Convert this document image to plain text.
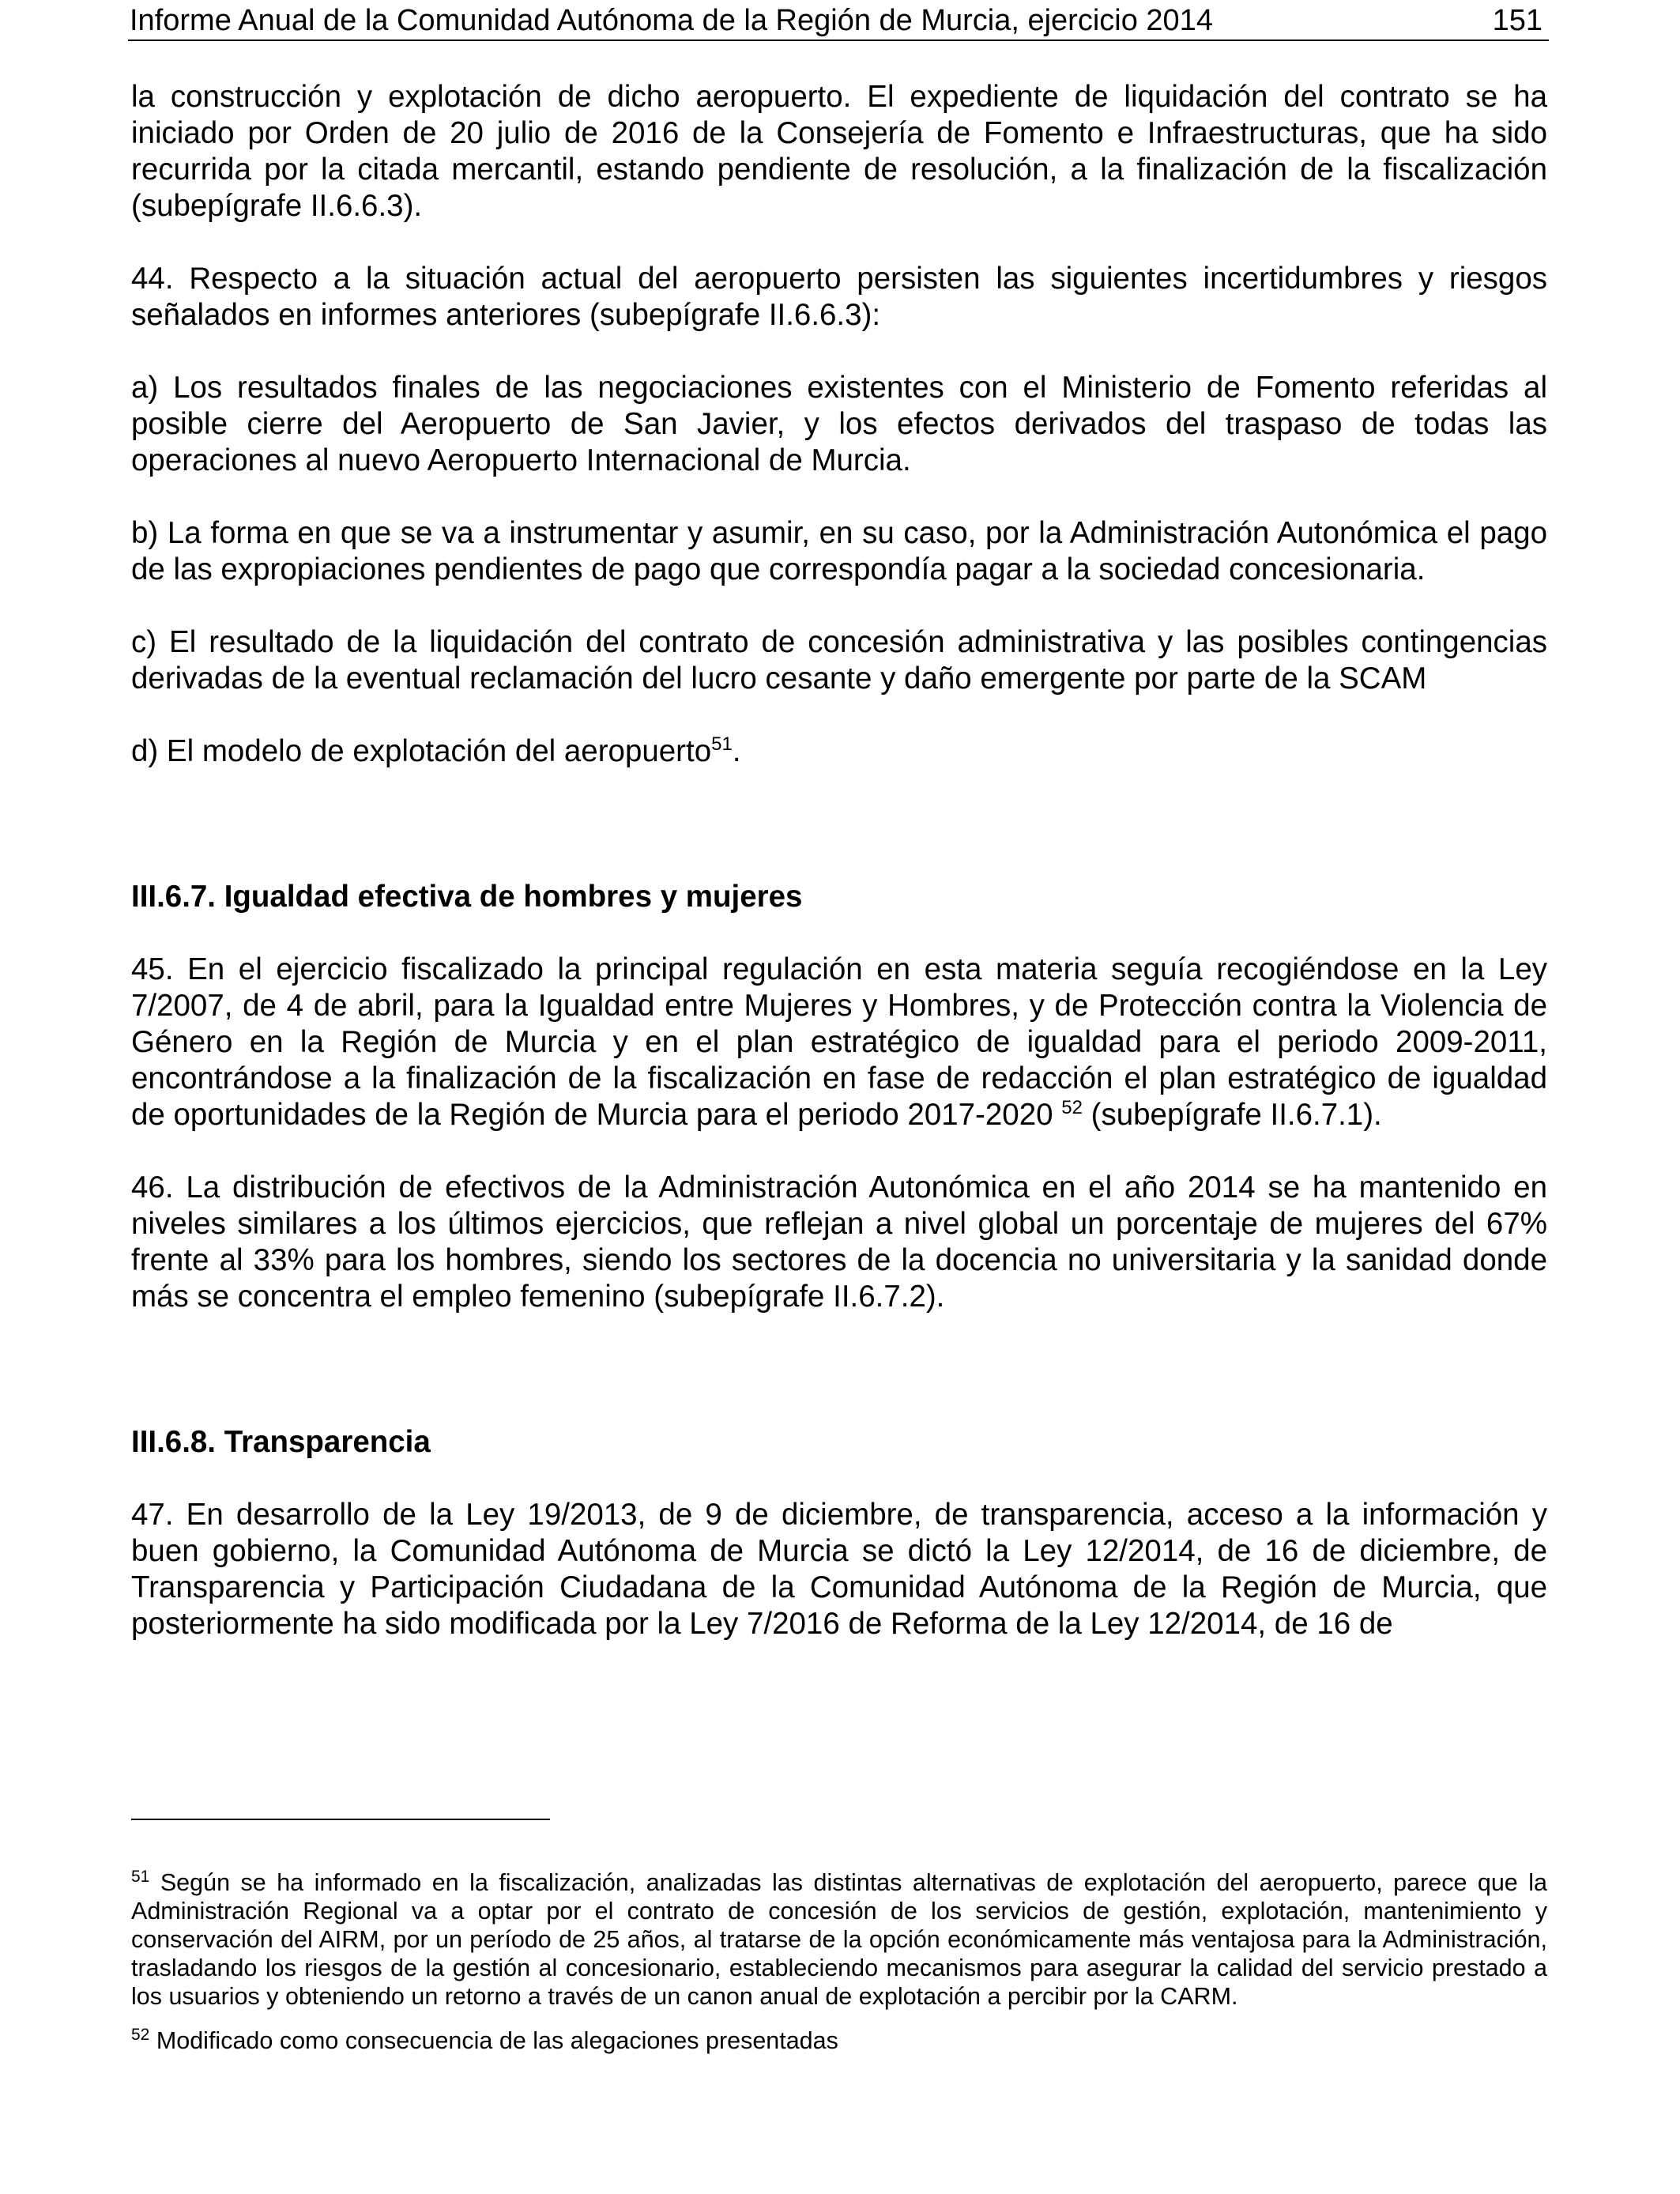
Informe Anual de la Comunidad Autónoma de la Región de Murcia, ejercicio 2014	151

la construcción y explotación de dicho aeropuerto. El expediente de liquidación del contrato se ha iniciado por Orden de 20 julio de 2016 de la Consejería de Fomento e Infraestructuras, que ha sido recurrida por la citada mercantil, estando pendiente de resolución, a la finalización de la fiscalización (subepígrafe II.6.6.3).

44. Respecto a la situación actual del aeropuerto persisten las siguientes incertidumbres y riesgos señalados en informes anteriores (subepígrafe II.6.6.3):

a) Los resultados finales de las negociaciones existentes con el Ministerio de Fomento referidas al posible cierre del Aeropuerto de San Javier, y los efectos derivados del traspaso de todas las operaciones al nuevo Aeropuerto Internacional de Murcia.

b) La forma en que se va a instrumentar y asumir, en su caso, por la Administración Autonómica el pago de las expropiaciones pendientes de pago que correspondía pagar a la sociedad concesionaria.

c) El resultado de la liquidación del contrato de concesión administrativa y las posibles contingencias derivadas de la eventual reclamación del lucro cesante y daño emergente por parte de la SCAM

d) El modelo de explotación del aeropuerto$^{51}$.

III.6.7. Igualdad efectiva de hombres y mujeres

45. En el ejercicio fiscalizado la principal regulación en esta materia seguía recogiéndose en la Ley 7/2007, de 4 de abril, para la Igualdad entre Mujeres y Hombres, y de Protección contra la Violencia de Género en la Región de Murcia y en el plan estratégico de igualdad para el periodo 2009-2011, encontrándose a la finalización de la fiscalización en fase de redacción el plan estratégico de igualdad de oportunidades de la Región de Murcia para el periodo 2017-2020 $^{52}$ (subepígrafe II.6.7.1).

46. La distribución de efectivos de la Administración Autonómica en el año 2014 se ha mantenido en niveles similares a los últimos ejercicios, que reflejan a nivel global un porcentaje de mujeres del 67% frente al 33% para los hombres, siendo los sectores de la docencia no universitaria y la sanidad donde más se concentra el empleo femenino (subepígrafe II.6.7.2).

III.6.8. Transparencia

47. En desarrollo de la Ley 19/2013, de 9 de diciembre, de transparencia, acceso a la información y buen gobierno, la Comunidad Autónoma de Murcia se dictó la Ley 12/2014, de 16 de diciembre, de Transparencia y Participación Ciudadana de la Comunidad Autónoma de la Región de Murcia, que posteriormente ha sido modificada por la Ley 7/2016 de Reforma de la Ley 12/2014, de 16 de

$^{51}$ Según se ha informado en la fiscalización, analizadas las distintas alternativas de explotación del aeropuerto, parece que la Administración Regional va a optar por el contrato de concesión de los servicios de gestión, explotación, mantenimiento y conservación del AIRM, por un período de 25 años, al tratarse de la opción económicamente más ventajosa para la Administración, trasladando los riesgos de la gestión al concesionario, estableciendo mecanismos para asegurar la calidad del servicio prestado a los usuarios y obteniendo un retorno a través de un canon anual de explotación a percibir por la CARM.

$^{52}$ Modificado como consecuencia de las alegaciones presentadas
